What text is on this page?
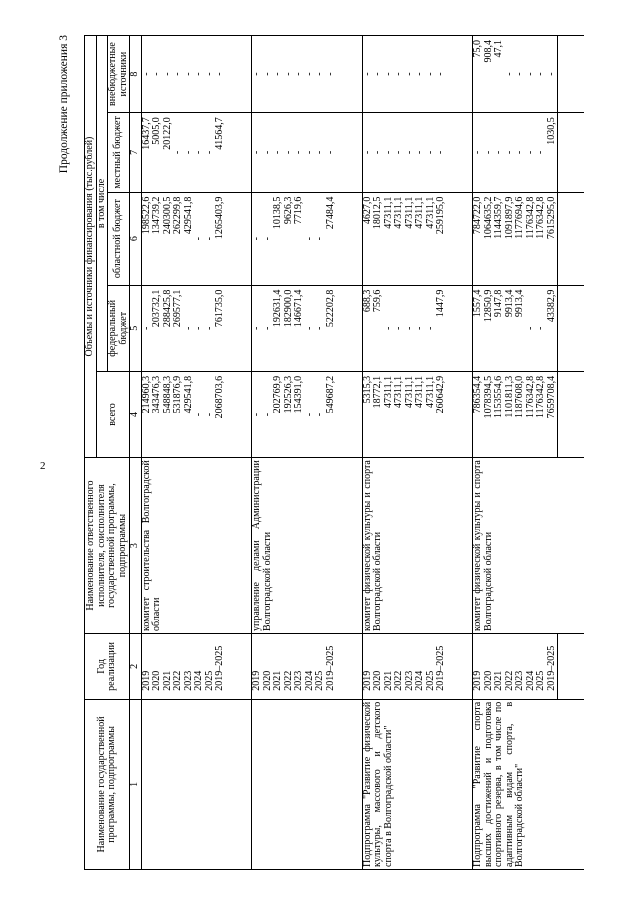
2
Продолжение приложения 3
Наименование государственной программы, подпрограммы	Год реализации	Наименование ответственного исполнителя, соисполнителя государственной программы, подпрограммы	Объемы и источники финансирования (тыс.рублей)				
			всего	в том числе			
				федеральный бюджет	областной бюджет	местный бюджет	внебюджетные источники
1	2	3	4	5	6	7	8
	2019	комитет строительства Волгоградской области	214960,3	-	198522,6	16437,7	-
	2020		343476,3	203732,1	134739,2	5005,0	-
	2021		548848,3	288425,8	240300,5	20122,0	-
	2022		531876,9	269577,1	262299,8	-	-
	2023		429541,8	-	429541,8	-	-
	2024		-	-	-	-	-
	2025		-	-	-	-	-
	2019–2025		2068703,6	761735,0	1265403,9	41564,7	-

	2019	управление делами Администрации Волгоградской области	-	-	-	-	-
	2020		-	-	-	-	-
	2021		202769,9	192631,4	10138,5	-	-
	2022		192526,3	182900,0	9626,3	-	-
	2023		154391,0	146671,4	7719,6	-	-
	2024		-	-	-	-	-
	2025		-	-	-	-	-
	2019–2025		549687,2	522202,8	27484,4	-	-

Подпрограмма "Развитие физической культуры, массового и детского спорта в Волгоградской области"	2019	комитет физической культуры и спорта Волгоградской области	5315,3	688,3	4627,0	-	-
	2020		18772,1	759,6	18012,5	-	-
	2021		47311,1	-	47311,1	-	-
	2022		47311,1	-	47311,1	-	-
	2023		47311,1	-	47311,1	-	-
	2024		47311,1	-	47311,1	-	-
	2025		47311,1	-	47311,1	-	-
	2019–2025		260642,9	1447,9	259195,0	-	-

Подпрограмма "Развитие спорта высших достижений и подготовка спортивного резерва, в том числе по адаптивным видам спорта, в Волгоградской области"	2019	комитет физической культуры и спорта Волгоградской области	786354,4	1557,4	784722,0	-	75,0
	2020		1078394,5	12850,9	1064635,2	-	908,4
	2021		1153554,6	9147,8	1144359,7	-	47,1
	2022		1101811,3	9913,4	1091897,9	-	-
	2023		1187608,0	9913,4	1177694,6	-	-
	2024		1176342,8	-	1176342,8	-	-
	2025		1176342,8	-	1176342,8	-	-
	2019–2025		7659708,4	43382,9	7615295,0	1030,5	-
